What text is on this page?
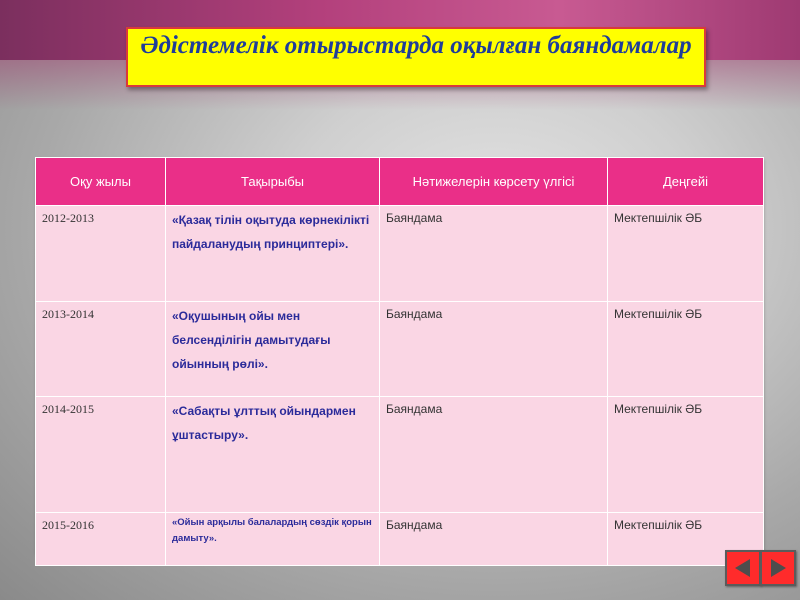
Әдістемелік отырыстарда оқылған баяндамалар
Оқу жылы	Тақырыбы	Нәтижелерін көрсету үлгісі	Деңгейі
2012-2013	«Қазақ тілін оқытуда көрнекілікті пайдаланудың принциптері».	Баяндама	Мектепшілік ӘБ
2013-2014	«Оқушының ойы мен белсенділігін дамытудағы ойынның рөлі».	Баяндама	Мектепшілік ӘБ
2014-2015	«Сабақты ұлттық ойындармен ұштастыру».	Баяндама	Мектепшілік ӘБ
2015-2016	«Ойын арқылы балалардың сөздік қорын дамыту».	Баяндама	Мектепшілік ӘБ
